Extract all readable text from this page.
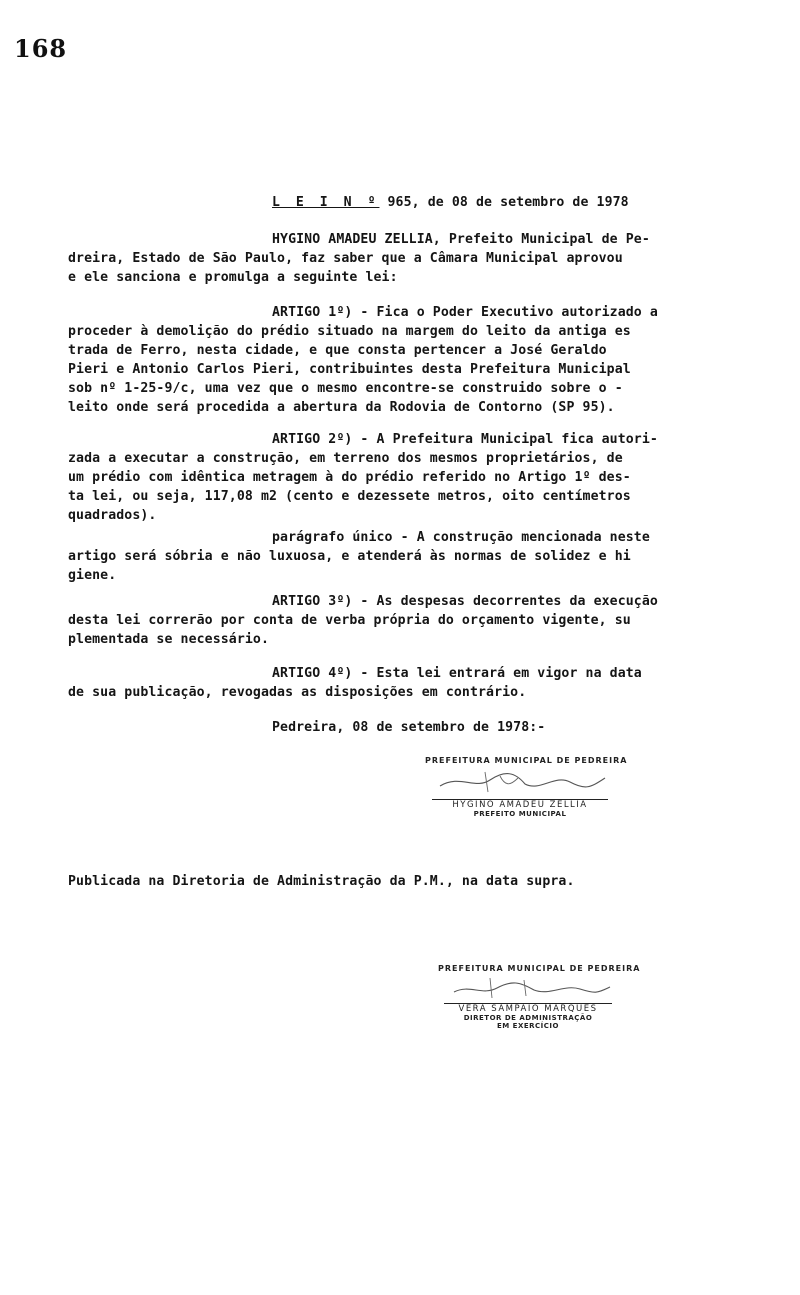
168
L E I N º 965, de 08 de setembro de 1978
HYGINO AMADEU ZELLIA, Prefeito Municipal de Pe-
dreira, Estado de São Paulo, faz saber que a Câmara Municipal aprovou
e ele sanciona e promulga a seguinte lei:
ARTIGO 1º) - Fica o Poder Executivo autorizado a
proceder à demolição do prédio situado na margem do leito da antiga es
trada de Ferro, nesta cidade, e que consta pertencer a José Geraldo
Pieri e Antonio Carlos Pieri, contribuintes desta Prefeitura Municipal
sob nº 1-25-9/c, uma vez que o mesmo encontre-se construido sobre o -
leito onde será procedida a abertura da Rodovia de Contorno (SP 95).
ARTIGO 2º) - A Prefeitura Municipal fica autori-
zada a executar a construção, em terreno dos mesmos proprietários, de
um prédio com idêntica metragem à do prédio referido no Artigo 1º des-
ta lei, ou seja, 117,08 m2 (cento e dezessete metros, oito centímetros
quadrados).
parágrafo único - A construção mencionada neste
artigo será sóbria e não luxuosa, e atenderá às normas de solidez e hi
giene.
ARTIGO 3º) - As despesas decorrentes da execução
desta lei correrão por conta de verba própria do orçamento vigente, su
plementada se necessário.
ARTIGO 4º) - Esta lei entrará em vigor na data
de sua publicação, revogadas as disposições em contrário.
Pedreira, 08 de setembro de 1978:-
PREFEITURA MUNICIPAL DE PEDREIRA
HYGINO AMADEU ZELLIA
PREFEITO MUNICIPAL
Publicada na Diretoria de Administração da P.M., na data supra.
PREFEITURA MUNICIPAL DE PEDREIRA
VERA SAMPAIO MARQUES
DIRETOR DE ADMINISTRAÇÃO
EM EXERCÍCIO
